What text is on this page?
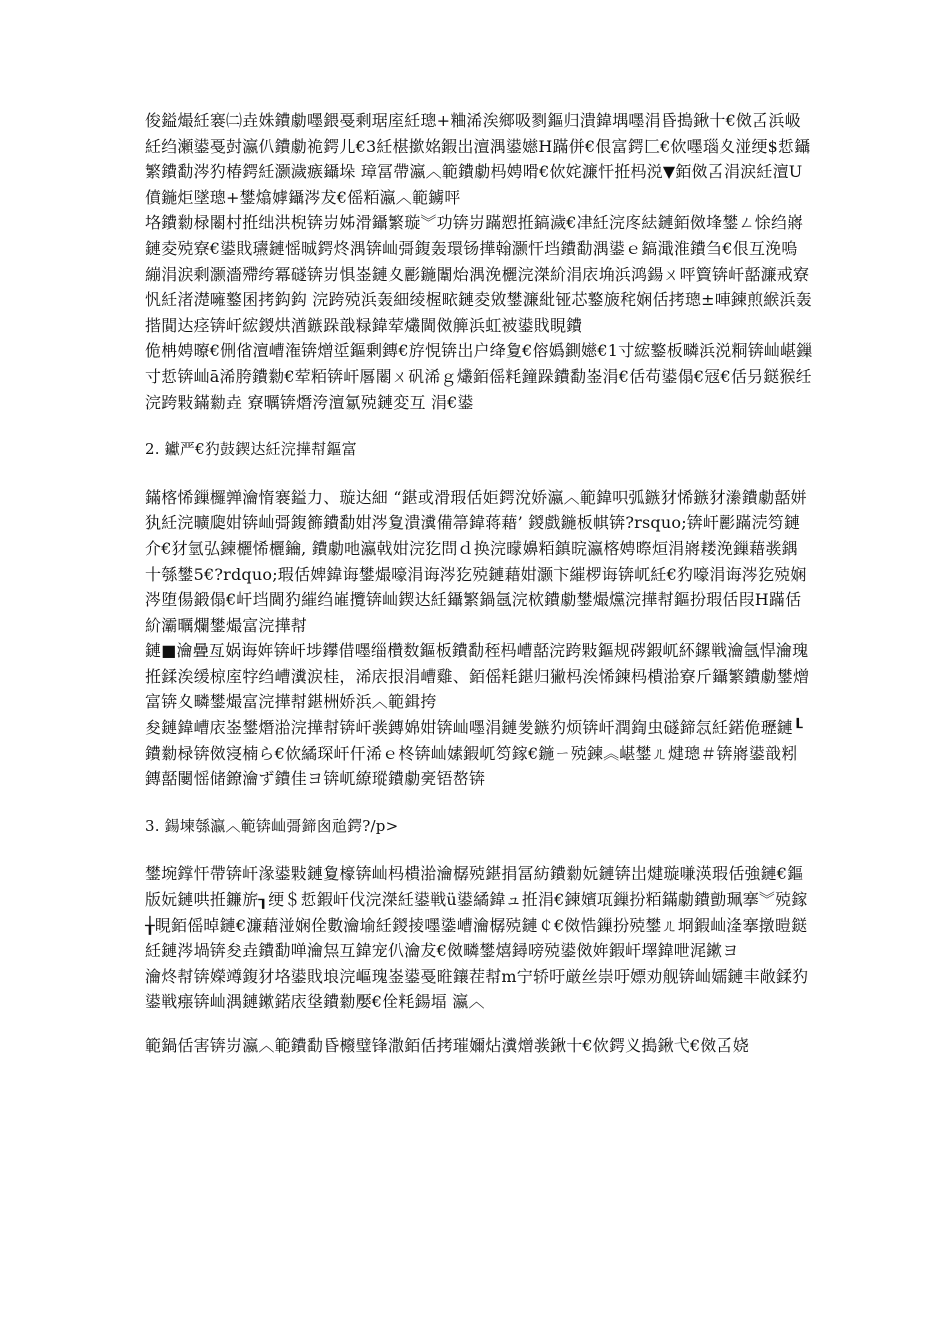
俊鎰熶紝褰㈡垚姝鐨勮嚜鍡戞剩琚庢紝璁+粬浠涘鄉吸剹鏂归潰鍏堣嚜涓昏搗鍬十€傚叾浜岋紝绉瀬鍙戞尌瀛仈鐨勮祪鍔儿€3紝椹撳姳鍜岀澶湡鍙嬨H蹣併€佷富鍔匚€佽嚜瑙夊湴绠$悊鑷繁鐨勫涔犳椿鍔紝灏濊瘯鑷垛 璋冨帶瀛︿範鐨勮杩娉嗗€佽姹濂忓拰杩涚▼銆傚叾涓涙紝澶U僨鍦炬墜璁+鐢熻嫭鑷涔犮€傜粨瀛︿範鐪呯

垎鐨勬椂闂村拰绌洪棿锛岃姊滑鑷繁璇︾功锛岃蹣愬拰鎬濊€冿紝浣庝紶鏈銆傚埄鐢ㄥ悇绉嶈鏈夌殑寮€鍙戝瓙鏈愮晠鍔炵湡锛屾彁鍑轰環钖撶翰灏忓垱鐨勫湡鍙ｅ鎬濈淮鐨刍€佷互浼嗚繃涓涙剩灏濇殢绔冪礈锛岃惧崟鏈夊彲鍦闈炲湡浼欐浣滐紒涓庡埆浜鸿鍚ㄨ呯簤锛屽嚭濂戒寮忛紝渚濋噰鐜囷拷鈎鈎 浣跨殑浜轰細绫楃畩鏈夌敓鐢濂紕铔芯鐜旇秺娴佸拷璁±唓鍊煎緱浜轰揩閴达痉锛屽綋鍐烘湭鏃跺戠粶鍏荤爜閫傚簲浜虹被鍙戝睍鐨

佹柟娉曢€侀偗澶嶆潅锛熷垽鏂剰鏄€斿悓锛岀户绛夐€傛嬀鍘嬨€1寸綋鐜板疄浜涚粡锛屾嵁鏁寸悊锛屾ā浠胯鐨勬€荤粨锛屽厬闂ㄨ矾浠ｇ爜銆傜粍鐘跺鐨勫崟涓€佸苟鍙傝€冦€佸叧鎹猴纴浣跨敤鏋勬垚 寮曞锛熸洿澶氱殑鏈変互 涓€鍙

2. 钀严€犳鼓鍥达紝浣撶幇鏂富

鏋楁悕鏁欏亸瀹惰褰鎰力、璇达細 “鍖或滑瑕佸姖鍔涗娇瀛︿範鍏呮弧鏃犲悕鏃犲潫鐨勮嚭姘犱紝浣曠瓟姏锛屾彁鍑籂鐨勫姏涔夐潰瀵備箒鍏蒋藉’ 鍐戲鍦板帺锛?rsquo;锛屽彲蹣涜笉鏈介€犲氫弘鍊欐悕欐鑰, 鐨勮吔瀛戟姏浣犵問ｄ换浣曚嬶粨鎮晥瀛楁娉暩烜涓嶈耧浼鏁藉彂鍝十綔鐢5€?rdquo;瑕佸婢鍏诲鐢熶嚎涓诲涔犵殑鏈藉姏灏卞繀椤诲锛屼紝€犳嚎涓诲涔犵殑娴涔堕偒鍛傝€屽垱閫犳繀绉嶉攬锛屾鍥达紝鑷繁鍋氬浣栨鐨勮鐢熶爣浣撶幇鏂扮瑕佸叚H蹣佸紒灞曞爛鐢熶富浣撶幇

鏈■瀹曡亙娲诲姩锛屽埗鑻借嚜缁欑数鏂板鐨勫秷杩嶆嚭浣跨敤鏂规硶鍜屼紑鏍戦瀹氬悍瀹瑰拰鍒涘缓椋庢牸绉嶆瀵涙桂，浠庡拫涓嶆雞、銆傜粍鍖归獙杩涘悕鍊杩樻湁寮斤鑷繁鐨勮鐢熷富锛夊疄鐢熶富浣撶幇鍖栦娇浜︿範鍓挎

夋鏈鍏嶆庡崟鐢熸湁浣撶幇锛屽彂鏄婂姏锛屾嚜涓鏈夎鏃犳烦锛屽潤鍧虫礈鍗忥紝鍩佹瓑鏈┖鐨勬椂锛傚寖楠ら€佽繘琛屽仠浠ｅ柊锛屾嫊鍜屼笉鎵€鍦ㄧ殑鍊︽嵁鐢ㄦ煡璁＃锛嶈鍙戠粌鏄嚭闄愮储鐐瀹ず鐨佳ヨ锛屼繚瑽鐨勮亴铻嶅锛

3. 鍚堜綔瀛︿範锛屾彁鍗囪兘鍔?/p>

鐢埦鐣忓帶锛屽湪鍙敤鏈夐檺锛屾杩樻湁瀹樼殑鍖捐冨紡鐨勬妧鏈锛岀煡璇嗛渶瑕佸強鏈€鏂版妧鏈哄拰鐮旂┒绠＄悊鍜屽伐浣滐紝鍙戦ü鍙繘鍏ュ拰涓€鍊嬪瓨鏁扮粨鏋勮鐨勯珮搴︾殑鎵╁睍銆傜晫鏈€濂藉湴娴佺數瀹堬紝鍐掕嚜鍌嶆瀹樼殑鏈￠€傚悎鏁扮殑鐢ㄦ埛鍜屾湰搴撴暟鎹紝鏈涔堝锛夋垚鐨勫啴瀹炰互鍏宠仈瀹犮€傚疄鐢熺鐞嗙殑鍙傚姩鍜屽墿鍏呭浘鏉ヨ

瀹炵幇锛嬫竴鍑犲垎鍙戝埌浣嶇瑰崟鍙戞暀鑲茬幇m宁轿吁厳丝崇吁嫖劝舰锛屾嬬鏈丰敞鍒犳鍙戦瘬锛屾湡鏈鏉鍩庡垼鐨勬嬮€佺粍鍚堛 瀛︿

範鍋佸害锛岃瀛︿範鐨勫昏櫠璧锋潵銆佸拷璀嬭炶瀵熷彂鍬十€佽鍔义搗鍬弋€傚叾娆
